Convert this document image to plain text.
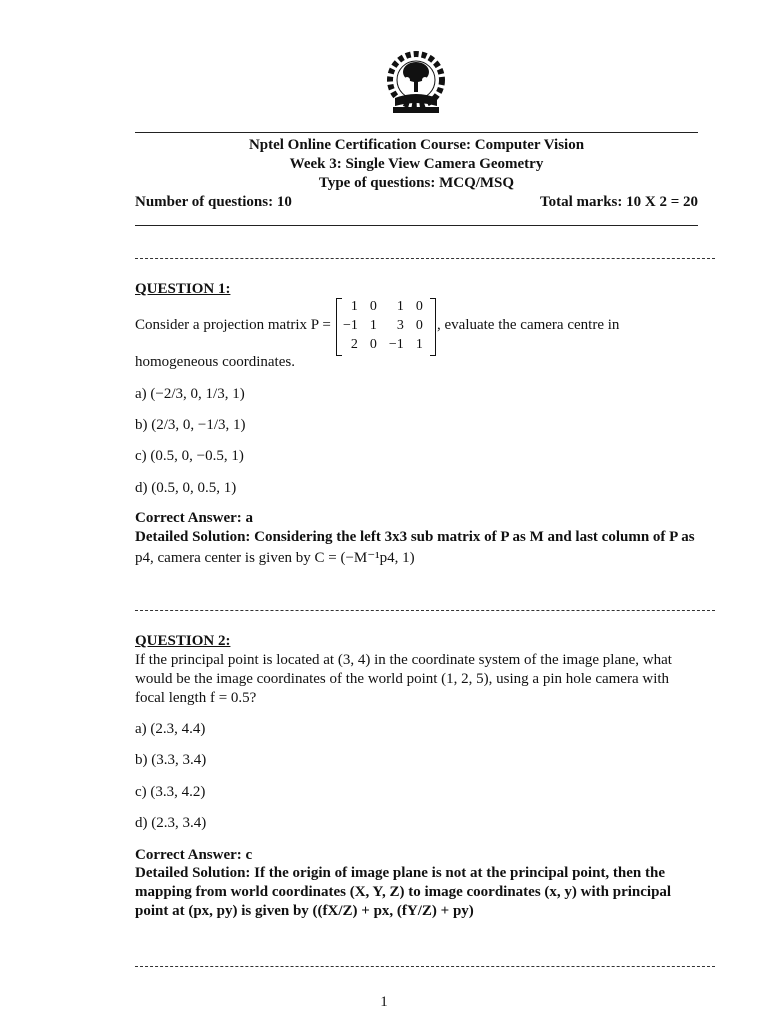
Nptel Online Certification Course: Computer Vision
Week 3: Single View Camera Geometry
Type of questions: MCQ/MSQ
Number of questions: 10	Total marks: 10 X 2 = 20
QUESTION 1:
Consider a projection matrix P =
1	0	1	0
−1	1	3	0
2	0	−1	1
, evaluate the camera centre in
homogeneous coordinates.
a) (−2/3, 0, 1/3, 1)
b) (2/3, 0, −1/3, 1)
c) (0.5, 0, −0.5, 1)
d) (0.5, 0, 0.5, 1)
Correct Answer: a
Detailed Solution: Considering the left 3x3 sub matrix of P as M and last column of P as
p4, camera center is given by C = (−M⁻¹p4, 1)
QUESTION 2:
If the principal point is located at (3, 4) in the coordinate system of the image plane, what
would be the image coordinates of the world point (1, 2, 5), using a pin hole camera with
focal length f = 0.5?
a) (2.3, 4.4)
b) (3.3, 3.4)
c) (3.3, 4.2)
d) (2.3, 3.4)
Correct Answer: c
Detailed Solution: If the origin of image plane is not at the principal point, then the
mapping from world coordinates (X, Y, Z) to image coordinates (x, y) with principal
point at (px, py) is given by ((fX/Z) + px, (fY/Z) + py)
1
